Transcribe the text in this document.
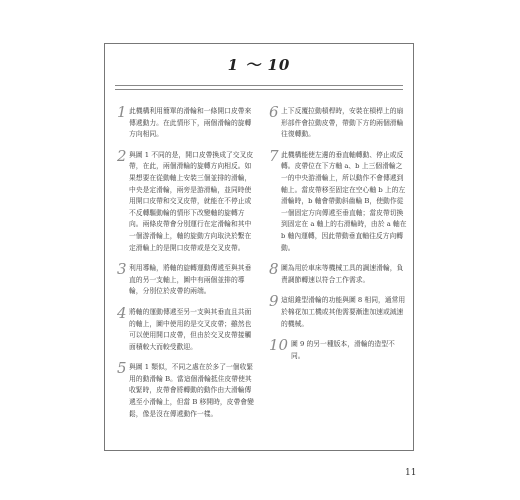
1 ～ 10
1 此機構利用簡單的滑輪和一條開口皮帶來傳遞動力。在此情形下，兩個滑輪的旋轉方向相同。
2 與圖 1 不同的是，開口皮帶換成了交叉皮帶，在此，兩個滑輪的旋轉方向相反。如果想要在從動軸上安裝三個並排的滑輪，中央是定滑輪，兩旁是游滑輪，並同時使用開口皮帶和交叉皮帶，就能在不停止或不反轉驅動輪的情形下改變軸的旋轉方向。兩條皮帶會分別運行在定滑輪和其中一個游滑輪上，軸的旋動方向取決於繫在定滑輪上的是開口皮帶或是交叉皮帶。
3 利用導輪，將軸的旋轉運動傳遞至與其垂直的另一支軸上，圖中有兩個並排的導輪，分別位於皮帶的兩端。
4 將軸的運動傳遞至另一支與其垂直且共面的軸上，圖中使用的是交叉皮帶；雖然也可以使用開口皮帶，但由於交叉皮帶接觸面積較大而較受歡迎。
5 與圖 1 類似，不同之處在於多了一個收緊用的動滑輪 B。當這個滑輪抵住皮帶使其收緊時，皮帶會將轉動的動作由大滑輪傳遞至小滑輪上，但當 B 移開時，皮帶會變鬆，像是沒在傳遞動作一樣。
6 上下反覆拉動槓桿時，安裝在槓桿上的扇形部件會拉動皮帶，帶動下方的兩個滑輪往復轉動。
7 此機構能使左邊的垂直軸轉動、停止或反轉。皮帶位在下方軸 a、b 上三個滑輪之一的中央游滑輪上，所以動作不會傳遞到軸上。當皮帶移至固定在空心軸 b 上的左滑輪時，b 軸會帶動斜齒輪 B，使動作從一個固定方向傳遞至垂直軸；當皮帶切換到固定在 a 軸上的右滑輪時，由於 a 軸在 b 軸內運轉，因此帶動垂直軸往反方向轉動。
8 圖為用於車床等機械工具的調速滑輪，負責調節轉速以符合工作需求。
9 這組錐型滑輪的功能與圖 8 相同，通常用於棉花加工機或其他需要漸進加速或減速的機械。
10 圖 9 的另一種版本，滑輪的造型不同。
11
